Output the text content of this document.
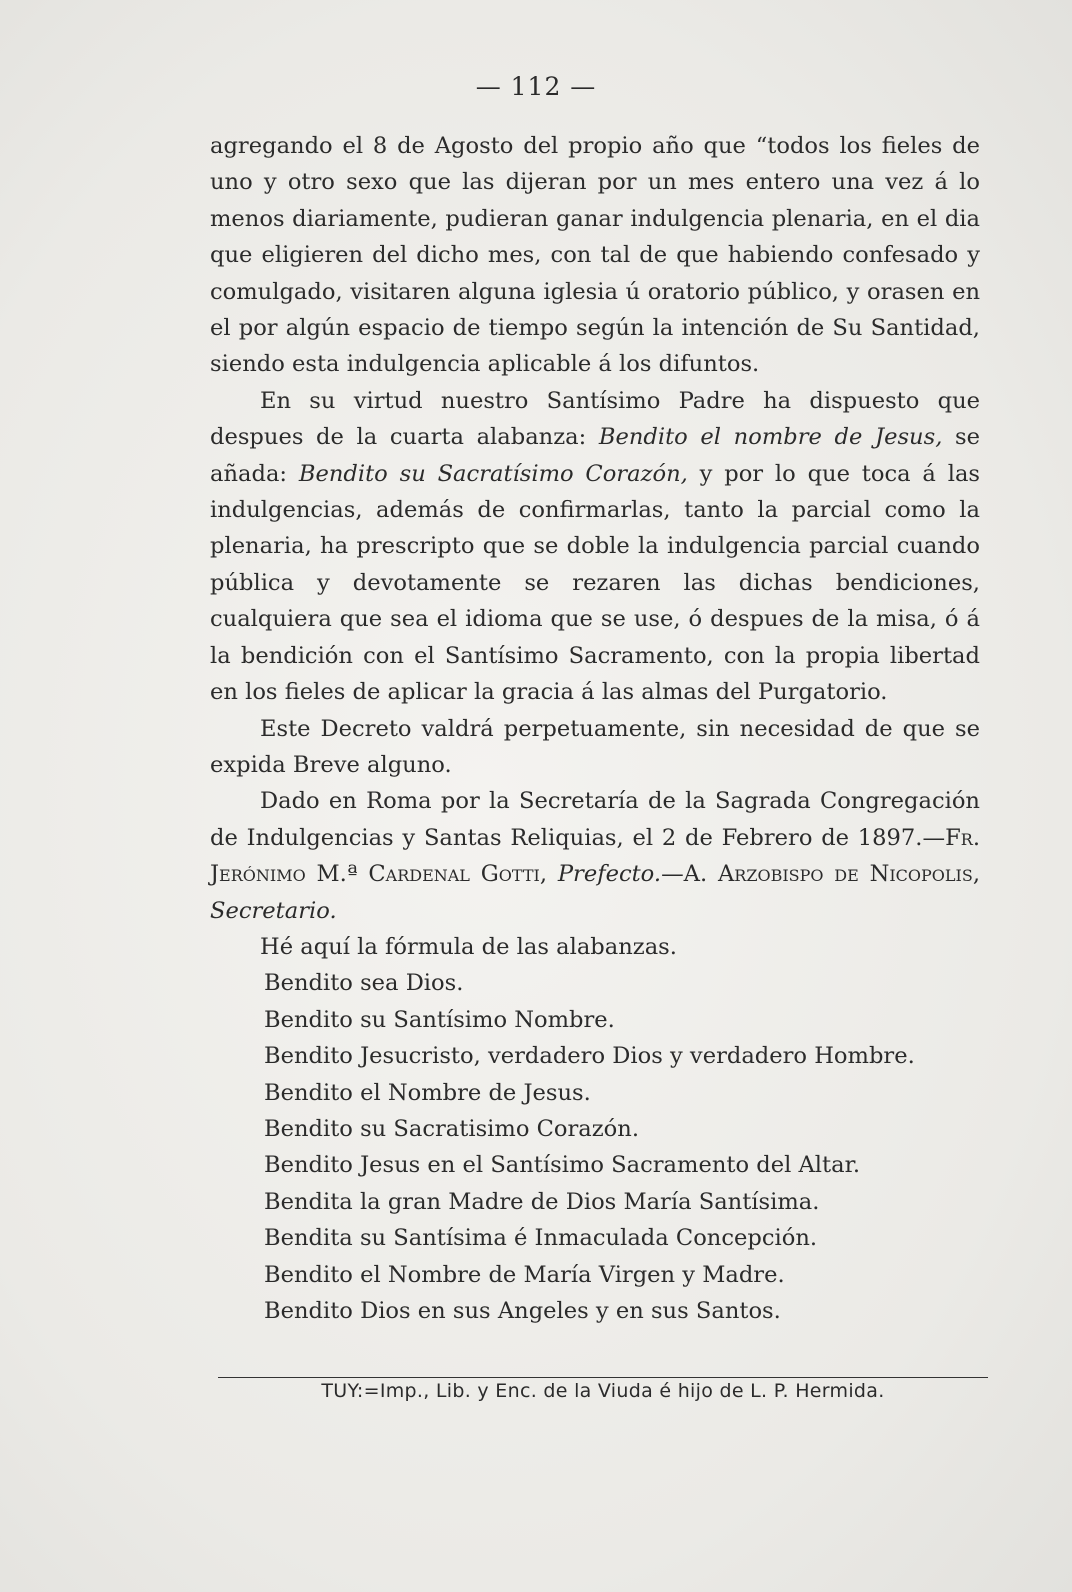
— 112 —

agregando el 8 de Agosto del propio año que “todos los fieles de uno y otro sexo que las dijeran por un mes entero una vez á lo menos diariamente, pudieran ganar indulgencia plenaria, en el dia que eligieren del dicho mes, con tal de que habiendo confesado y comulgado, visitaren alguna iglesia ú oratorio público, y orasen en el por algún espacio de tiempo según la intención de Su Santidad, siendo esta indulgencia aplicable á los difuntos.

En su virtud nuestro Santísimo Padre ha dispuesto que despues de la cuarta alabanza: Bendito el nombre de Jesus, se añada: Bendito su Sacratísimo Corazón, y por lo que toca á las indulgencias, además de confirmarlas, tanto la parcial como la plenaria, ha prescripto que se doble la indulgencia parcial cuando pública y devotamente se rezaren las dichas bendiciones, cualquiera que sea el idioma que se use, ó despues de la misa, ó á la bendición con el Santísimo Sacramento, con la propia libertad en los fieles de aplicar la gracia á las almas del Purgatorio.

Este Decreto valdrá perpetuamente, sin necesidad de que se expida Breve alguno.

Dado en Roma por la Secretaría de la Sagrada Congregación de Indulgencias y Santas Reliquias, el 2 de Febrero de 1897.—Fr. Jerónimo M.ª Cardenal Gotti, Prefecto.—A. Arzobispo de Nicopolis, Secretario.

Hé aquí la fórmula de las alabanzas.

Bendito sea Dios.
Bendito su Santísimo Nombre.
Bendito Jesucristo, verdadero Dios y verdadero Hombre.
Bendito el Nombre de Jesus.
Bendito su Sacratisimo Corazón.
Bendito Jesus en el Santísimo Sacramento del Altar.
Bendita la gran Madre de Dios María Santísima.
Bendita su Santísima é Inmaculada Concepción.
Bendito el Nombre de María Virgen y Madre.
Bendito Dios en sus Angeles y en sus Santos.
TUY:=Imp., Lib. y Enc. de la Viuda é hijo de L. P. Hermida.
